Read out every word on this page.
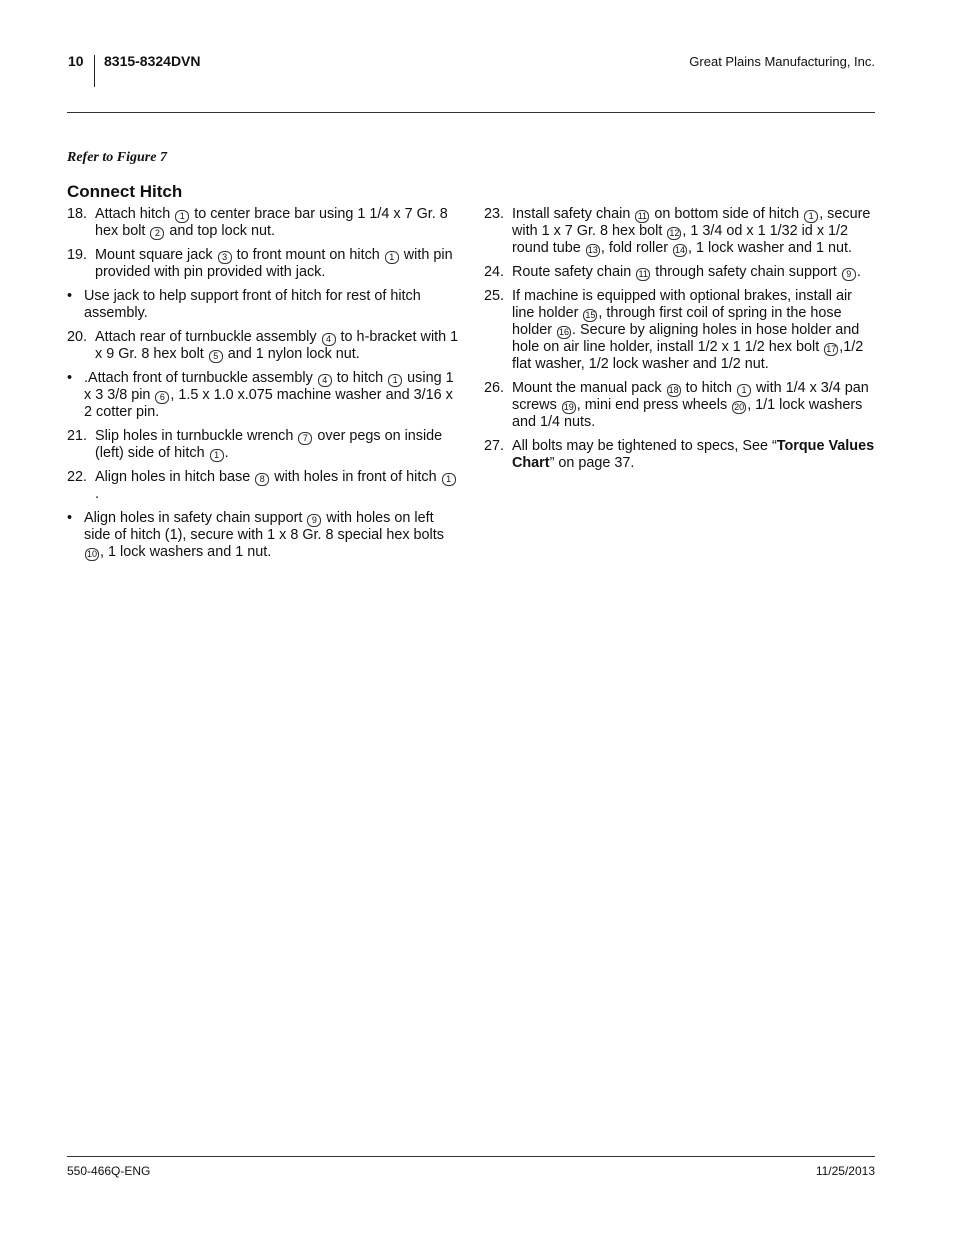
10 8315-8324DVN	Great Plains Manufacturing, Inc.
Refer to Figure 7
Connect Hitch
18. Attach hitch 1 to center brace bar using 1 1/4 x 7 Gr. 8 hex bolt 2 and top lock nut.
19. Mount square jack 3 to front mount on hitch 1 with pin provided with pin provided with jack.
• Use jack to help support front of hitch for rest of hitch assembly.
20. Attach rear of turnbuckle assembly 4 to h-bracket with 1 x 9 Gr. 8 hex bolt 5 and 1 nylon lock nut.
• .Attach front of turnbuckle assembly 4 to hitch 1 using 1 x 3 3/8 pin 6 , 1.5 x 1.0 x.075 machine washer and 3/16 x 2 cotter pin.
21. Slip holes in turnbuckle wrench 7 over pegs on inside (left) side of hitch 1 .
22. Align holes in hitch base 8 with holes in front of hitch 1.
• Align holes in safety chain support 9 with holes on left side of hitch (1), secure with 1 x 8 Gr. 8 special hex bolts 10 , 1 lock washers and 1 nut.
23. Install safety chain 11 on bottom side of hitch 1 , secure with 1 x 7 Gr. 8 hex bolt 12 , 1 3/4 od x 1 1/32 id x 1/2 round tube 13 , fold roller 14 , 1 lock washer and 1 nut.
24. Route safety chain 11 through safety chain support 9 .
25. If machine is equipped with optional brakes, install air line holder 15 , through first coil of spring in the hose holder 16 . Secure by aligning holes in hose holder and hole on air line holder, install 1/2 x 1 1/2 hex bolt 17 ,1/2 flat washer, 1/2 lock washer and 1/2 nut.
26. Mount the manual pack 18 to hitch 1 with 1/4 x 3/4 pan screws 19 , mini end press wheels 20 , 1/1 lock washers and 1/4 nuts.
27. All bolts may be tightened to specs, See “Torque Values Chart” on page 37.
550-466Q-ENG	11/25/2013
